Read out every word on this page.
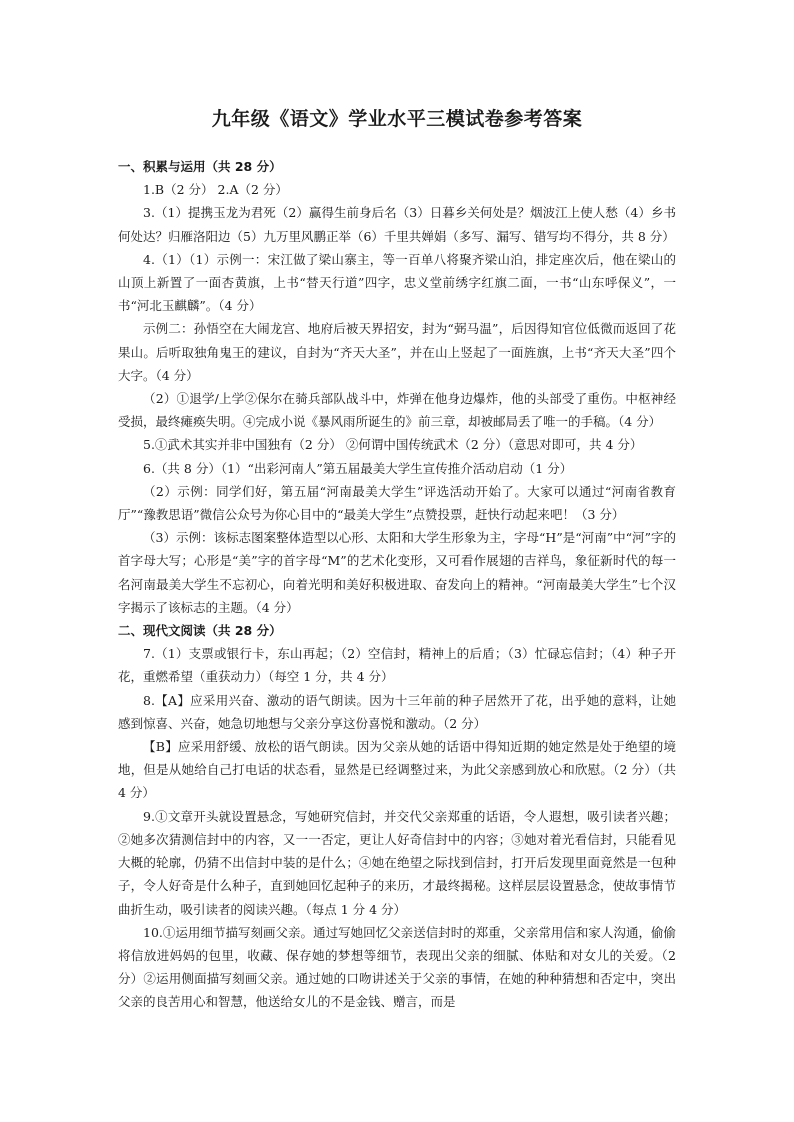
九年级《语文》学业水平三模试卷参考答案

一、积累与运用（共 28 分）

1.B（2 分） 2.A（2 分）

3.（1）提携玉龙为君死（2）赢得生前身后名（3）日暮乡关何处是？烟波江上使人愁（4）乡书何处达？归雁洛阳边（5）九万里风鹏正举（6）千里共婵娟（多写、漏写、错写均不得分，共 8 分）

4.（1）（1）示例一：宋江做了梁山寨主，等一百单八将聚齐梁山泊，排定座次后，他在梁山的山顶上新置了一面杏黄旗，上书“替天行道”四字，忠义堂前绣字红旗二面，一书“山东呼保义”，一书“河北玉麒麟”。（4 分）

示例二：孙悟空在大闹龙宫、地府后被天界招安，封为“弼马温”，后因得知官位低微而返回了花果山。后听取独角鬼王的建议，自封为“齐天大圣”，并在山上竖起了一面旌旗，上书“齐天大圣”四个大字。（4 分）

（2）①退学/上学②保尔在骑兵部队战斗中，炸弹在他身边爆炸，他的头部受了重伤。中枢神经受损，最终瘫痪失明。④完成小说《暴风雨所诞生的》前三章，却被邮局丢了唯一的手稿。（4 分）

5.①武术其实并非中国独有（2 分） ②何谓中国传统武术（2 分）（意思对即可，共 4 分）

6.（共 8 分）（1）“出彩河南人”第五届最美大学生宣传推介活动启动（1 分）

（2）示例：同学们好，第五届“河南最美大学生”评选活动开始了。大家可以通过“河南省教育厅”“豫教思语”微信公众号为你心目中的“最美大学生”点赞投票，赶快行动起来吧！（3 分）

（3）示例：该标志图案整体造型以心形、太阳和大学生形象为主，字母“H”是“河南”中“河”字的首字母大写；心形是“美”字的首字母“M”的艺术化变形，又可看作展翅的吉祥鸟，象征新时代的每一名河南最美大学生不忘初心，向着光明和美好积极进取、奋发向上的精神。“河南最美大学生”七个汉字揭示了该标志的主题。（4 分）

二、现代文阅读（共 28 分）

7.（1）支票或银行卡，东山再起；（2）空信封，精神上的后盾；（3）忙碌忘信封；（4）种子开花，重燃希望（重获动力）（每空 1 分，共 4 分）

8.【A】应采用兴奋、激动的语气朗读。因为十三年前的种子居然开了花，出乎她的意料，让她感到惊喜、兴奋，她急切地想与父亲分享这份喜悦和激动。（2 分）

【B】应采用舒缓、放松的语气朗读。因为父亲从她的话语中得知近期的她定然是处于绝望的境地，但是从她给自己打电话的状态看，显然是已经调整过来，为此父亲感到放心和欣慰。（2 分）（共 4 分）

9.①文章开头就设置悬念，写她研究信封，并交代父亲郑重的话语，令人遐想，吸引读者兴趣；②她多次猜测信封中的内容，又一一否定，更让人好奇信封中的内容；③她对着光看信封，只能看见大概的轮廓，仍猜不出信封中装的是什么；④她在绝望之际找到信封，打开后发现里面竟然是一包种子，令人好奇是什么种子，直到她回忆起种子的来历，才最终揭秘。这样层层设置悬念，使故事情节曲折生动，吸引读者的阅读兴趣。（每点 1 分 4 分）

10.①运用细节描写刻画父亲。通过写她回忆父亲送信封时的郑重，父亲常用信和家人沟通，偷偷将信放进妈妈的包里，收藏、保存她的梦想等细节，表现出父亲的细腻、体贴和对女儿的关爱。（2 分）②运用侧面描写刻画父亲。通过她的口吻讲述关于父亲的事情，在她的种种猜想和否定中，突出父亲的良苦用心和智慧，他送给女儿的不是金钱、赠言，而是
